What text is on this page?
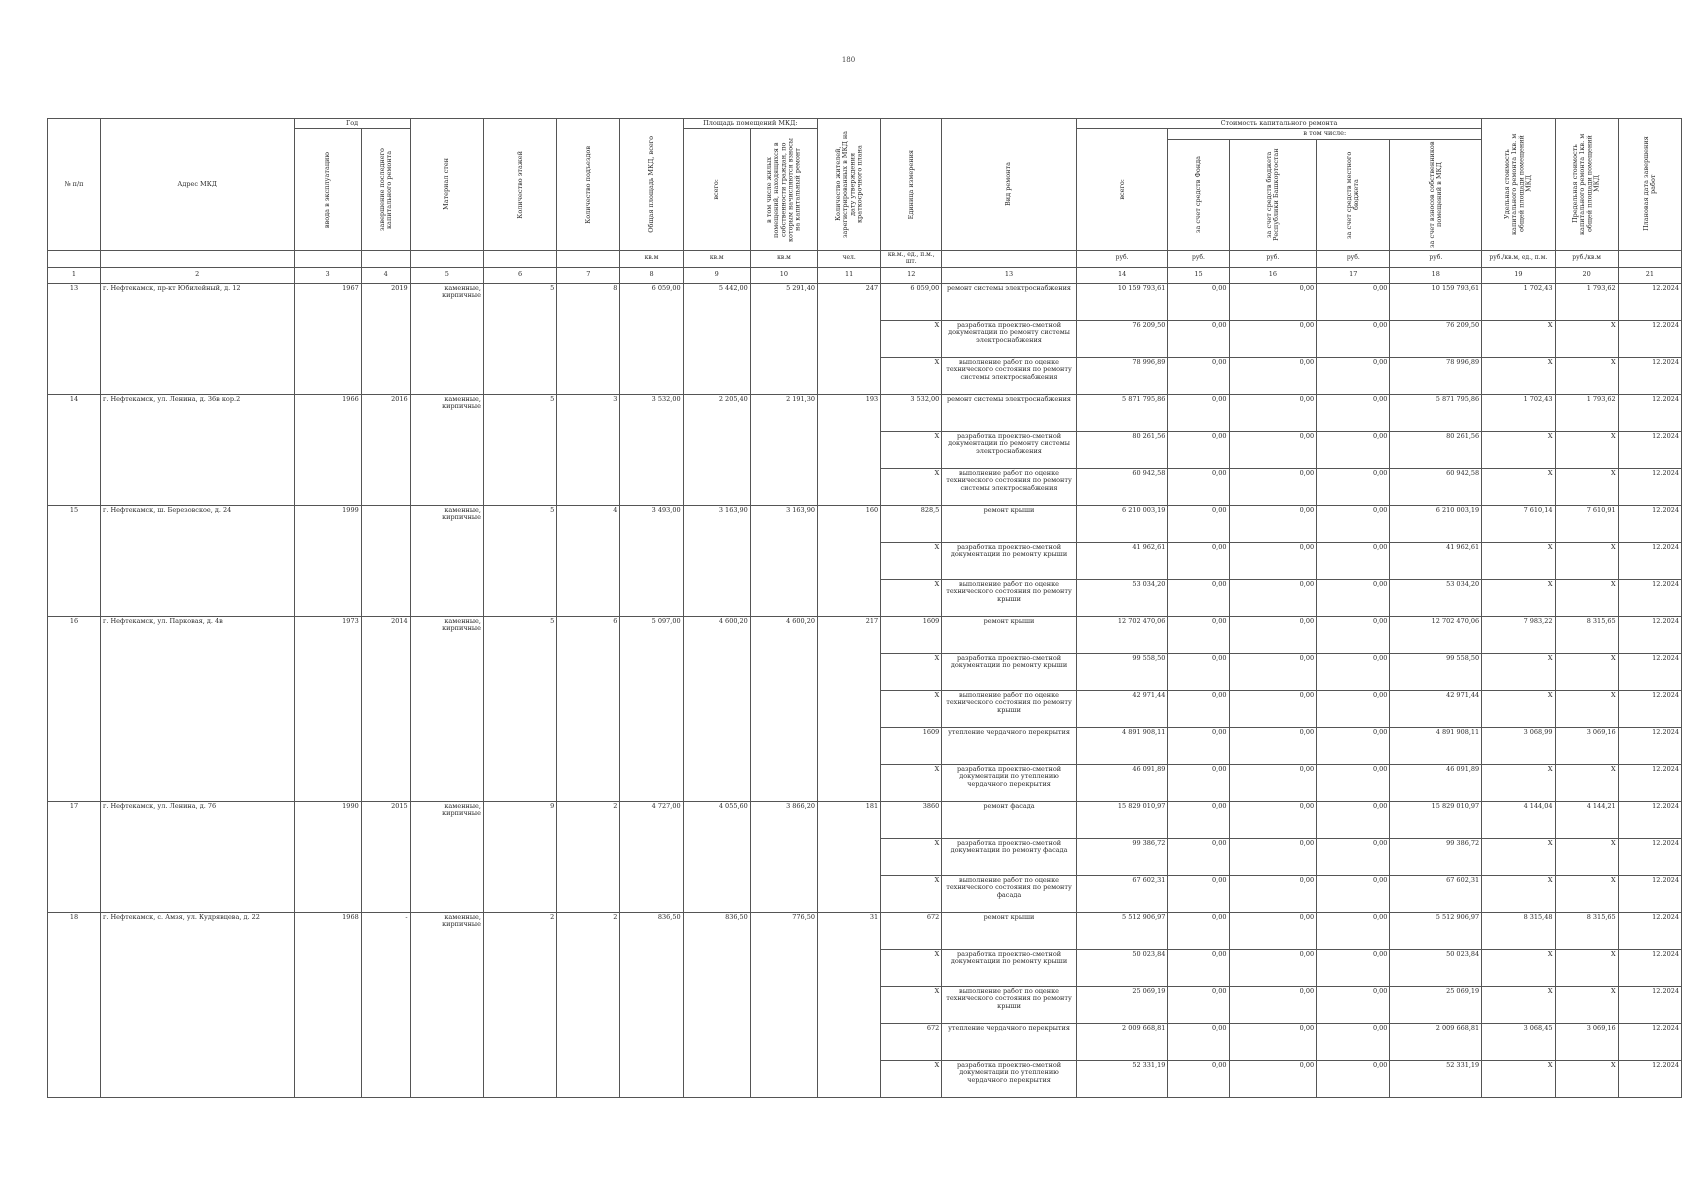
180
№ п/п	Адрес МКД	Год		Материал стен	Количество этажей	Количество подъездов	Общая площадь МКД, всего	Площадь помещений МКД:		Количество жителей, зарегистрированных в МКД на дату утверждения краткосрочного плана	Единица измерения	Вид ремонта	Стоимость капитального ремонта					Удельная стоимость капитального ремонта 1кв. м общей площади помещений МКД	Предельная стоимость капитального ремонта 1кв. м общей площади помещений МКД	Плановая дата завершения работ

		ввода в эксплуатацию	завершение последнего капитального ремонта					всего:	в том числе жилых помещений, находящихся в собственности граждан, по которым начисляются взносы на капитальный ремонт				всего:	в том числе:						

														за счет средств Фонда	за счет средств бюджета Республики Башкортостан	за счет средств местного бюджета	за счет взносов собственников помещений в МКД			

							кв.м	кв.м	кв.м	чел.	кв.м., ед., п.м., шт.		руб.	руб.	руб.	руб.	руб.	руб./кв.м, ед., п.м.	руб./кв.м	
1	2	3	4	5	6	7	8	9	10	11	12	13	14	15	16	17	18	19	20	21
13	г. Нефтекамск, пр-кт Юбилейный, д. 12	1967	2019	каменные, кирпичные	5	8	6 059,00	5 442,00	5 291,40	247	6 059,00	ремонт системы электроснабжения	10 159 793,61	0,00	0,00	0,00	10 159 793,61	1 702,43	1 793,62	12.2024
											X	разработка проектно-сметной документации по ремонту системы электроснабжения	76 209,50	0,00	0,00	0,00	76 209,50	X	X	12.2024
											X	выполнение работ по оценке технического состояния по ремонту системы электроснабжения	78 996,89	0,00	0,00	0,00	78 996,89	X	X	12.2024
14	г. Нефтекамск, ул. Ленина, д. 36в кор.2	1966	2016	каменные, кирпичные	5	3	3 532,00	2 205,40	2 191,30	193	3 532,00	ремонт системы электроснабжения	5 871 795,86	0,00	0,00	0,00	5 871 795,86	1 702,43	1 793,62	12.2024
											X	разработка проектно-сметной документации по ремонту системы электроснабжения	80 261,56	0,00	0,00	0,00	80 261,56	X	X	12.2024
											X	выполнение работ по оценке технического состояния по ремонту системы электроснабжения	60 942,58	0,00	0,00	0,00	60 942,58	X	X	12.2024
15	г. Нефтекамск, ш. Березовское, д. 24	1999		каменные, кирпичные	5	4	3 493,00	3 163,90	3 163,90	160	828,5	ремонт крыши	6 210 003,19	0,00	0,00	0,00	6 210 003,19	7 610,14	7 610,91	12.2024
											X	разработка проектно-сметной документации по ремонту крыши	41 962,61	0,00	0,00	0,00	41 962,61	X	X	12.2024
											X	выполнение работ по оценке технического состояния по ремонту крыши	53 034,20	0,00	0,00	0,00	53 034,20	X	X	12.2024
16	г. Нефтекамск, ул. Парковая, д. 4в	1973	2014	каменные, кирпичные	5	6	5 097,00	4 600,20	4 600,20	217	1609	ремонт крыши	12 702 470,06	0,00	0,00	0,00	12 702 470,06	7 983,22	8 315,65	12.2024
											X	разработка проектно-сметной документации по ремонту крыши	99 558,50	0,00	0,00	0,00	99 558,50	X	X	12.2024
											X	выполнение работ по оценке технического состояния по ремонту крыши	42 971,44	0,00	0,00	0,00	42 971,44	X	X	12.2024
											1609	утепление чердачного перекрытия	4 891 908,11	0,00	0,00	0,00	4 891 908,11	3 068,99	3 069,16	12.2024
											X	разработка проектно-сметной документации по утеплению чердачного перекрытия	46 091,89	0,00	0,00	0,00	46 091,89	X	X	12.2024
17	г. Нефтекамск, ул. Ленина, д. 76	1990	2015	каменные, кирпичные	9	2	4 727,00	4 055,60	3 866,20	181	3860	ремонт фасада	15 829 010,97	0,00	0,00	0,00	15 829 010,97	4 144,04	4 144,21	12.2024
											X	разработка проектно-сметной документации по ремонту фасада	99 386,72	0,00	0,00	0,00	99 386,72	X	X	12.2024
											X	выполнение работ по оценке технического состояния по ремонту фасада	67 602,31	0,00	0,00	0,00	67 602,31	X	X	12.2024
18	г. Нефтекамск, с. Амзя, ул. Кудрявцева, д. 22	1968	-	каменные, кирпичные	2	2	836,50	836,50	776,50	31	672	ремонт крыши	5 512 906,97	0,00	0,00	0,00	5 512 906,97	8 315,48	8 315,65	12.2024
											X	разработка проектно-сметной документации по ремонту крыши	50 023,84	0,00	0,00	0,00	50 023,84	X	X	12.2024
											X	выполнение работ по оценке технического состояния по ремонту крыши	25 069,19	0,00	0,00	0,00	25 069,19	X	X	12.2024
											672	утепление чердачного перекрытия	2 009 668,81	0,00	0,00	0,00	2 009 668,81	3 068,45	3 069,16	12.2024
											X	разработка проектно-сметной документации по утеплению чердачного перекрытия	52 331,19	0,00	0,00	0,00	52 331,19	X	X	12.2024
